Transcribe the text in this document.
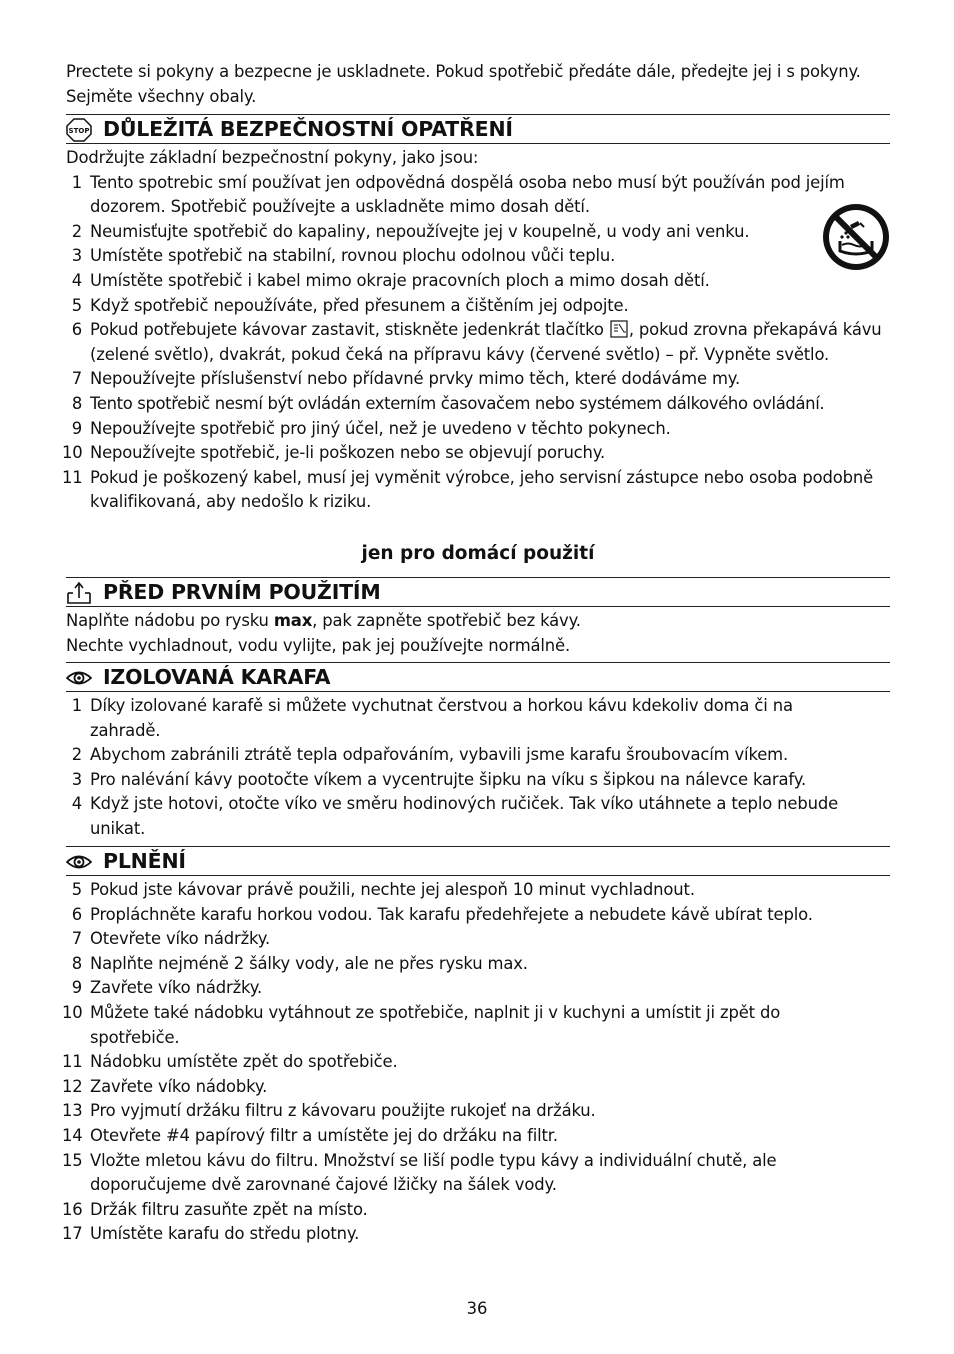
Prectete si pokyny a bezpecne je uskladnete. Pokud spotřebič předáte dále, předejte jej i s pokyny. Sejměte všechny obaly.
STOP DŮLEŽITÁ BEZPEČNOSTNÍ OPATŘENÍ
Dodržujte základní bezpečnostní pokyny, jako jsou:
1 Tento spotrebic smí používat jen odpovědná dospělá osoba nebo musí být používán pod jejím dozorem. Spotřebič používejte a uskladněte mimo dosah dětí.
2 Neumisťujte spotřebič do kapaliny, nepoužívejte jej v koupelně, u vody ani venku.
3 Umístěte spotřebič na stabilní, rovnou plochu odolnou vůči teplu.
4 Umístěte spotřebič i kabel mimo okraje pracovních ploch a mimo dosah dětí.
5 Když spotřebič nepoužíváte, před přesunem a čištěním jej odpojte.
6 Pokud potřebujete kávovar zastavit, stiskněte jedenkrát tlačítko , pokud zrovna překapává kávu (zelené světlo), dvakrát, pokud čeká na přípravu kávy (červené světlo) – př. Vypněte světlo.
7 Nepoužívejte příslušenství nebo přídavné prvky mimo těch, které dodáváme my.
8 Tento spotřebič nesmí být ovládán externím časovačem nebo systémem dálkového ovládání.
9 Nepoužívejte spotřebič pro jiný účel, než je uvedeno v těchto pokynech.
10 Nepoužívejte spotřebič, je-li poškozen nebo se objevují poruchy.
11 Pokud je poškozený kabel, musí jej vyměnit výrobce, jeho servisní zástupce nebo osoba podobně kvalifikovaná, aby nedošlo k riziku.
jen pro domácí použití
PŘED PRVNÍM POUŽITÍM
Naplňte nádobu po rysku max, pak zapněte spotřebič bez kávy.
Nechte vychladnout, vodu vylijte, pak jej používejte normálně.
IZOLOVANÁ KARAFA
1 Díky izolované karafě si můžete vychutnat čerstvou a horkou kávu kdekoliv doma či na zahradě.
2 Abychom zabránili ztrátě tepla odpařováním, vybavili jsme karafu šroubovacím víkem.
3 Pro nalévání kávy pootočte víkem a vycentrujte šipku na víku s šipkou na nálevce karafy.
4 Když jste hotovi, otočte víko ve směru hodinových ručiček. Tak víko utáhnete a teplo nebude unikat.
PLNĚNÍ
5 Pokud jste kávovar právě použili, nechte jej alespoň 10 minut vychladnout.
6 Propláchněte karafu horkou vodou. Tak karafu předehřejete a nebudete kávě ubírat teplo.
7 Otevřete víko nádržky.
8 Naplňte nejméně 2 šálky vody, ale ne přes rysku max.
9 Zavřete víko nádržky.
10 Můžete také nádobku vytáhnout ze spotřebiče, naplnit ji v kuchyni a umístit ji zpět do spotřebiče.
11 Nádobku umístěte zpět do spotřebiče.
12 Zavřete víko nádobky.
13 Pro vyjmutí držáku filtru z kávovaru použijte rukojeť na držáku.
14 Otevřete #4 papírový filtr a umístěte jej do držáku na filtr.
15 Vložte mletou kávu do filtru. Množství se liší podle typu kávy a individuální chutě, ale doporučujeme dvě zarovnané čajové lžičky na šálek vody.
16 Držák filtru zasuňte zpět na místo.
17 Umístěte karafu do středu plotny.
36
